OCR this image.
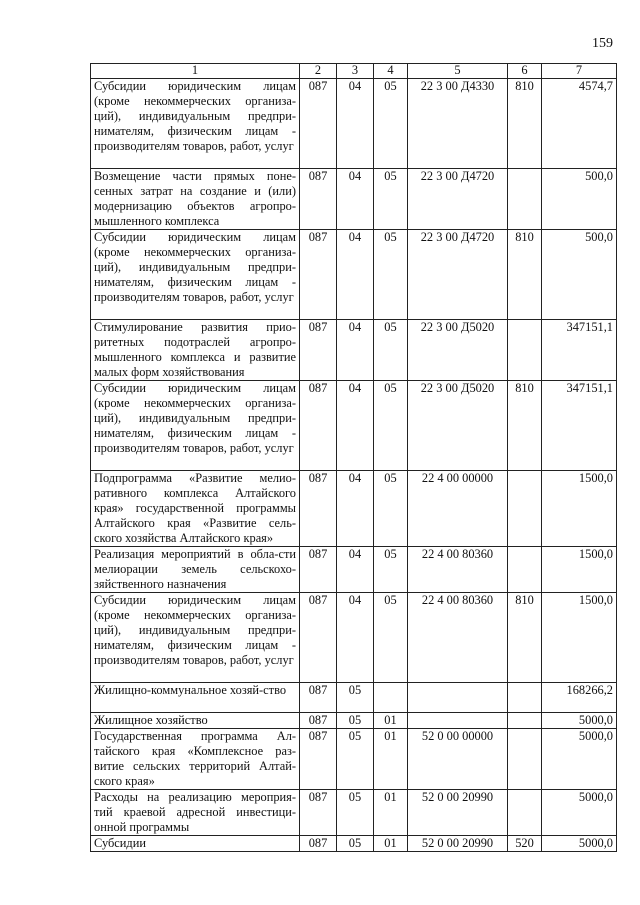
159
1	2	3	4	5	6	7
Субсидии юридическим лицам (кроме некоммерческих организа-ций), индивидуальным предпри-нимателям, физическим лицам - производителям товаров, работ, услуг	087	04	05	22 3 00 Д4330	810	4574,7
Возмещение части прямых поне-сенных затрат на создание и (или) модернизацию объектов агропро-мышленного комплекса	087	04	05	22 3 00 Д4720		500,0
Субсидии юридическим лицам (кроме некоммерческих организа-ций), индивидуальным предпри-нимателям, физическим лицам - производителям товаров, работ, услуг	087	04	05	22 3 00 Д4720	810	500,0
Стимулирование развития прио-ритетных подотраслей агропро-мышленного комплекса и развитие малых форм хозяйствования	087	04	05	22 3 00 Д5020		347151,1
Субсидии юридическим лицам (кроме некоммерческих организа-ций), индивидуальным предпри-нимателям, физическим лицам - производителям товаров, работ, услуг	087	04	05	22 3 00 Д5020	810	347151,1
Подпрограмма «Развитие мелио-ративного комплекса Алтайского края» государственной программы Алтайского края «Развитие сель-ского хозяйства Алтайского края»	087	04	05	22 4 00 00000		1500,0
Реализация мероприятий в обла-сти мелиорации земель сельскохо-зяйственного назначения	087	04	05	22 4 00 80360		1500,0
Субсидии юридическим лицам (кроме некоммерческих организа-ций), индивидуальным предпри-нимателям, физическим лицам - производителям товаров, работ, услуг	087	04	05	22 4 00 80360	810	1500,0
Жилищно-коммунальное хозяй-ство	087	05				168266,2
Жилищное хозяйство	087	05	01			5000,0
Государственная программа Ал-тайского края «Комплексное раз-витие сельских территорий Алтай-ского края»	087	05	01	52 0 00 00000		5000,0
Расходы на реализацию мероприя-тий краевой адресной инвестици-онной программы	087	05	01	52 0 00 20990		5000,0
Субсидии	087	05	01	52 0 00 20990	520	5000,0
